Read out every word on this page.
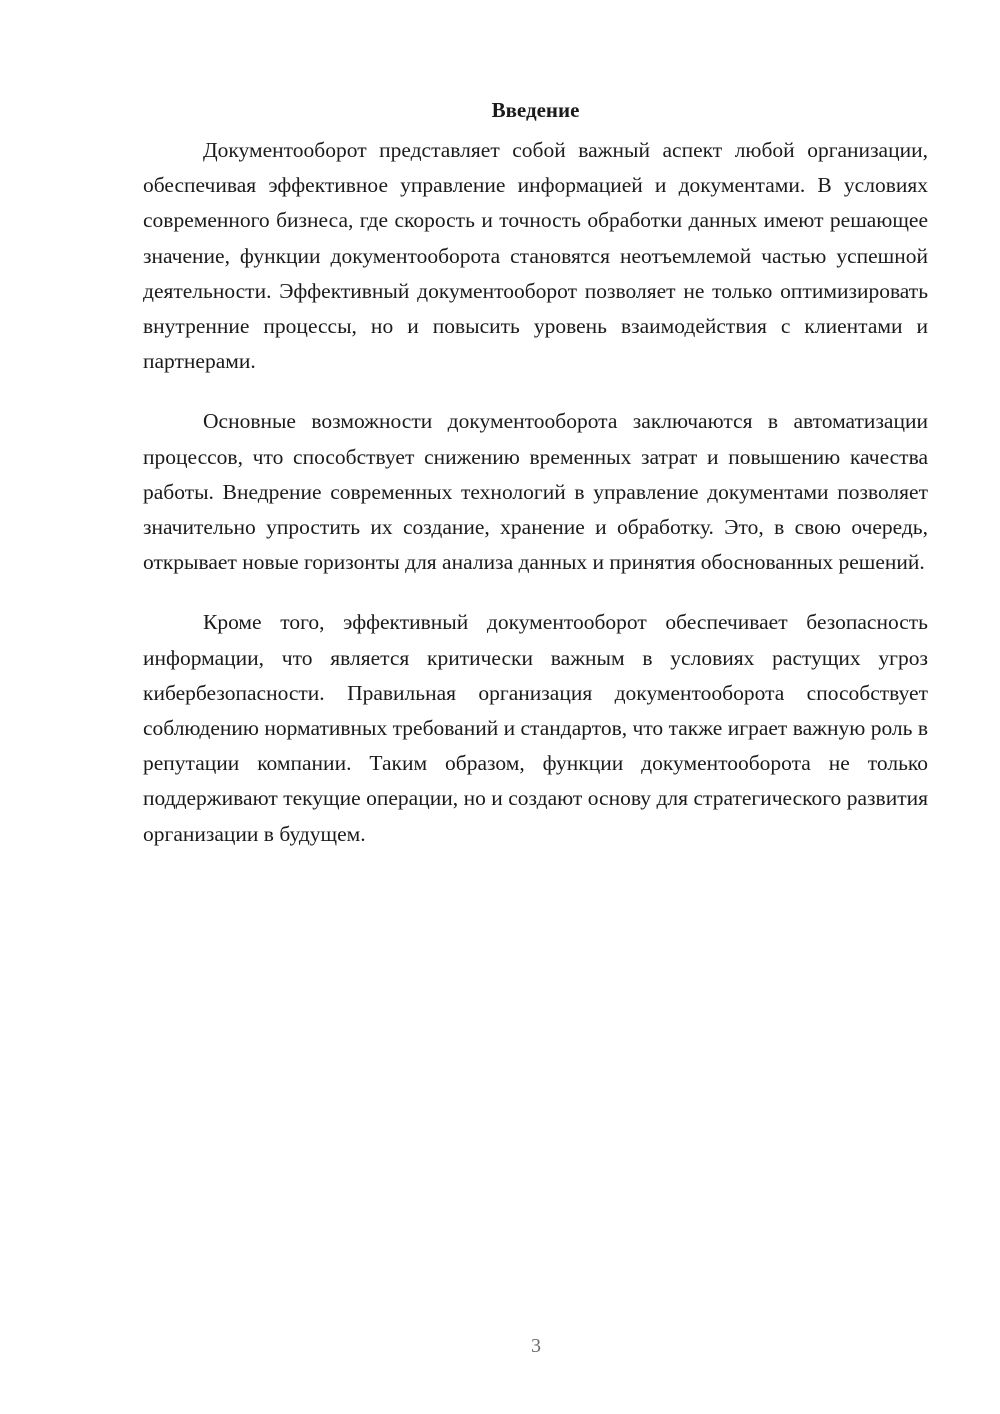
Введение

Документооборот представляет собой важный аспект любой организации, обеспечивая эффективное управление информацией и документами. В условиях современного бизнеса, где скорость и точность обработки данных имеют решающее значение, функции документооборота становятся неотъемлемой частью успешной деятельности. Эффективный документооборот позволяет не только оптимизировать внутренние процессы, но и повысить уровень взаимодействия с клиентами и партнерами.

Основные возможности документооборота заключаются в автоматизации процессов, что способствует снижению временных затрат и повышению качества работы. Внедрение современных технологий в управление документами позволяет значительно упростить их создание, хранение и обработку. Это, в свою очередь, открывает новые горизонты для анализа данных и принятия обоснованных решений.

Кроме того, эффективный документооборот обеспечивает безопасность информации, что является критически важным в условиях растущих угроз кибербезопасности. Правильная организация документооборота способствует соблюдению нормативных требований и стандартов, что также играет важную роль в репутации компании. Таким образом, функции документооборота не только поддерживают текущие операции, но и создают основу для стратегического развития организации в будущем.

3
